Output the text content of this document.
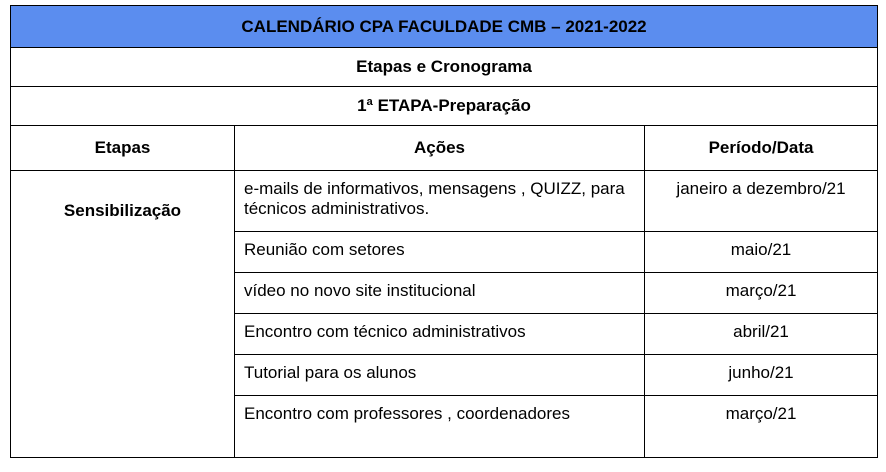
CALENDÁRIO CPA FACULDADE CMB – 2021-2022		
Etapas e Cronograma		
1ª ETAPA-Preparação		
Etapas	Ações	Período/Data

Sensibilização	e-mails de informativos, mensagens , QUIZZ, para técnicos administrativos.	janeiro a dezembro/21
	Reunião com setores	maio/21
	vídeo no novo site institucional	março/21
	Encontro com técnico administrativos	abril/21
	Tutorial para os alunos	junho/21
	Encontro com professores , coordenadores	março/21
